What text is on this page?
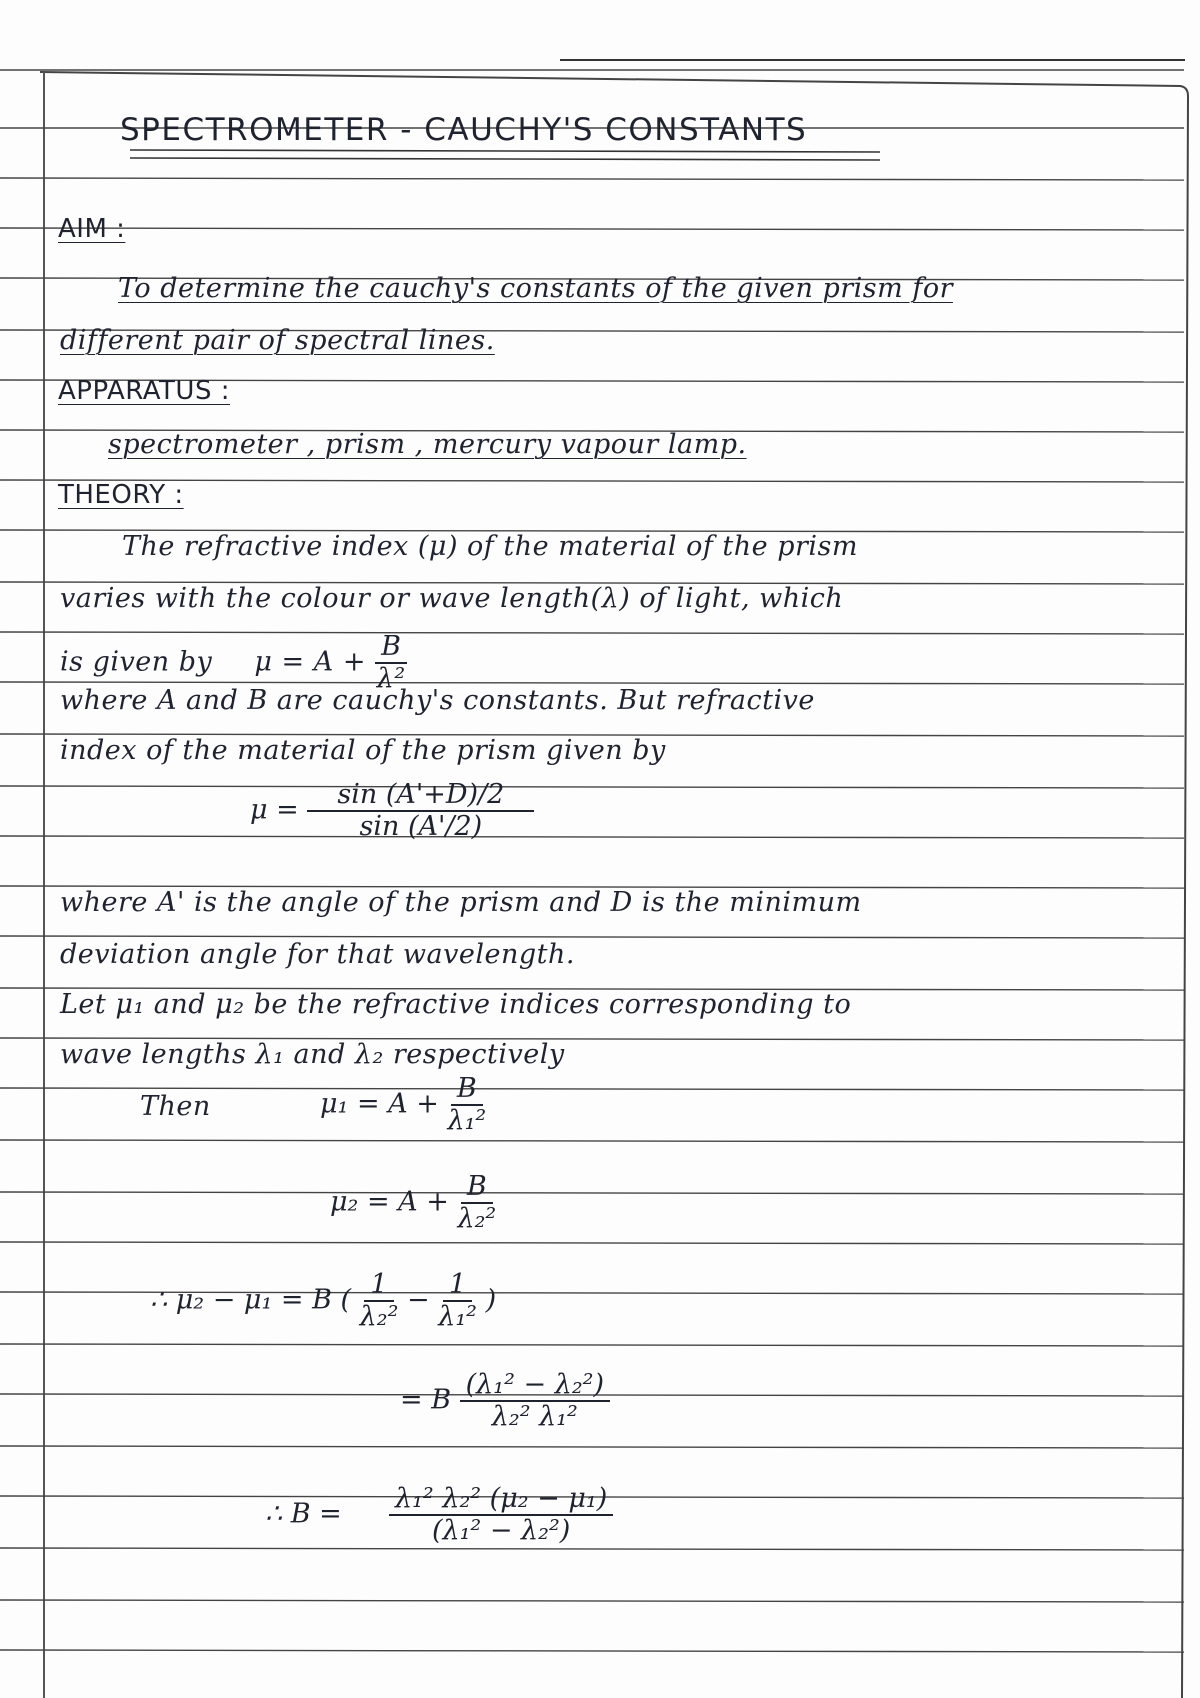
SPECTROMETER - CAUCHY'S CONSTANTS
AIM :
To determine the cauchy's constants of the given prism for
different pair of spectral lines.
APPARATUS :
spectrometer , prism , mercury vapour lamp.
THEORY :
The refractive index (μ) of the material of the prism
varies with the colour or wave length(λ) of light, which
is given by $\mu = A + \frac{B}{\text{λ²}}$
where A and B are cauchy's constants. But refractive
index of the material of the prism given by
$\mu = \frac{\sin (A'+D)/2}{\sin (A'/2)}$
where A' is the angle of the prism and D is the minimum
deviation angle for that wavelength.
Let μ₁ and μ₂ be the refractive indices corresponding to
wave lengths λ₁ and λ₂ respectively
Then	$\mu_1 = A + \frac{B}{\text{λ₁²}}$
$\mu_2 = A + \frac{B}{\text{λ₂²}}$
∴ μ₂ − μ₁ = B ( $\frac{1}{\text{λ₂²}} - \frac{1}{\text{λ₁²}}$ )
= B $\frac{\text{(λ₁² − λ₂²)}}{\text{λ₂² λ₁²}}$
∴ $B = \frac{\text{λ₁² λ₂² (μ₂ − μ₁)}}{\text{(λ₁² − λ₂²)}}$
